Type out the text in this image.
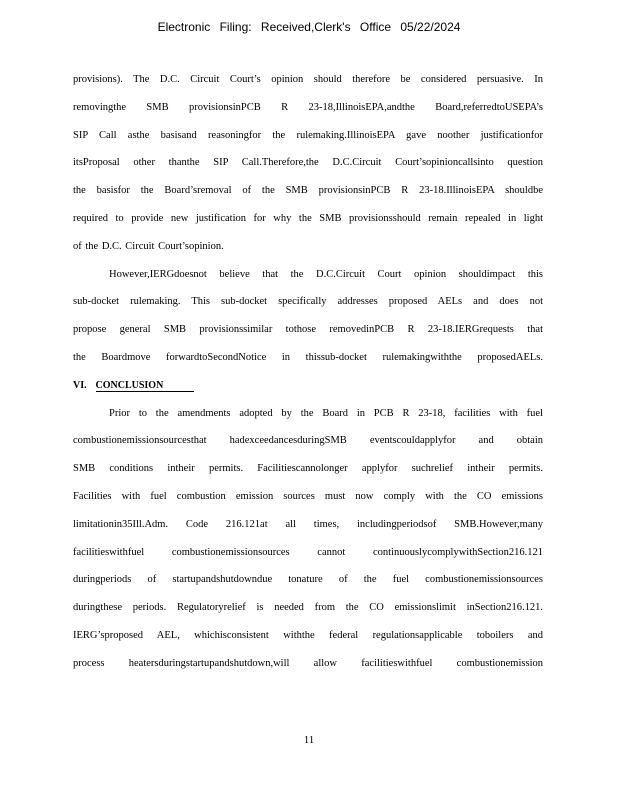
Electronic Filing: Received,Clerk's Office 05/22/2024
provisions). The D.C. Circuit Court’s opinion should therefore be considered persuasive. In
removingthe SMB provisionsinPCB R 23-18,IllinoisEPA,andthe Board,referredtoUSEPA’s
SIP Call asthe basisand reasoningfor the rulemaking.IllinoisEPA gave noother justificationfor
itsProposal other thanthe SIP Call.Therefore,the D.C.Circuit Court’sopinioncallsinto question
the basisfor the Board’sremoval of the SMB provisionsinPCB R 23-18.IllinoisEPA shouldbe
required to provide new justification for why the SMB provisionsshould remain repealed in light
of the D.C. Circuit Court’sopinion.
However,IERGdoesnot believe that the D.C.Circuit Court opinion shouldimpact this
sub-docket rulemaking. This sub-docket specifically addresses proposed AELs and does not
propose general SMB provisionssimilar tothose removedinPCB R 23-18.IERGrequests that
the Boardmove forwardtoSecondNotice in thissub-docket rulemakingwiththe proposedAELs.
VI. CONCLUSION
Prior to the amendments adopted by the Board in PCB R 23-18, facilities with fuel
combustionemissionsourcesthat hadexceedancesduringSMB eventscouldapplyfor and obtain
SMB conditions intheir permits. Facilitiescannolonger applyfor suchrelief intheir permits.
Facilities with fuel combustion emission sources must now comply with the CO emissions
limitationin35Ill.Adm. Code 216.121at all times, includingperiodsof SMB.However,many
facilitieswithfuel combustionemissionsources cannot continuouslycomplywithSection216.121
duringperiods of startupandshutdowndue tonature of the fuel combustionemissionsources
duringthese periods. Regulatoryrelief is needed from the CO emissionslimit inSection216.121.
IERG’sproposed AEL, whichisconsistent withthe federal regulationsapplicable toboilers and
process heatersduringstartupandshutdown,will allow facilitieswithfuel combustionemission
11
